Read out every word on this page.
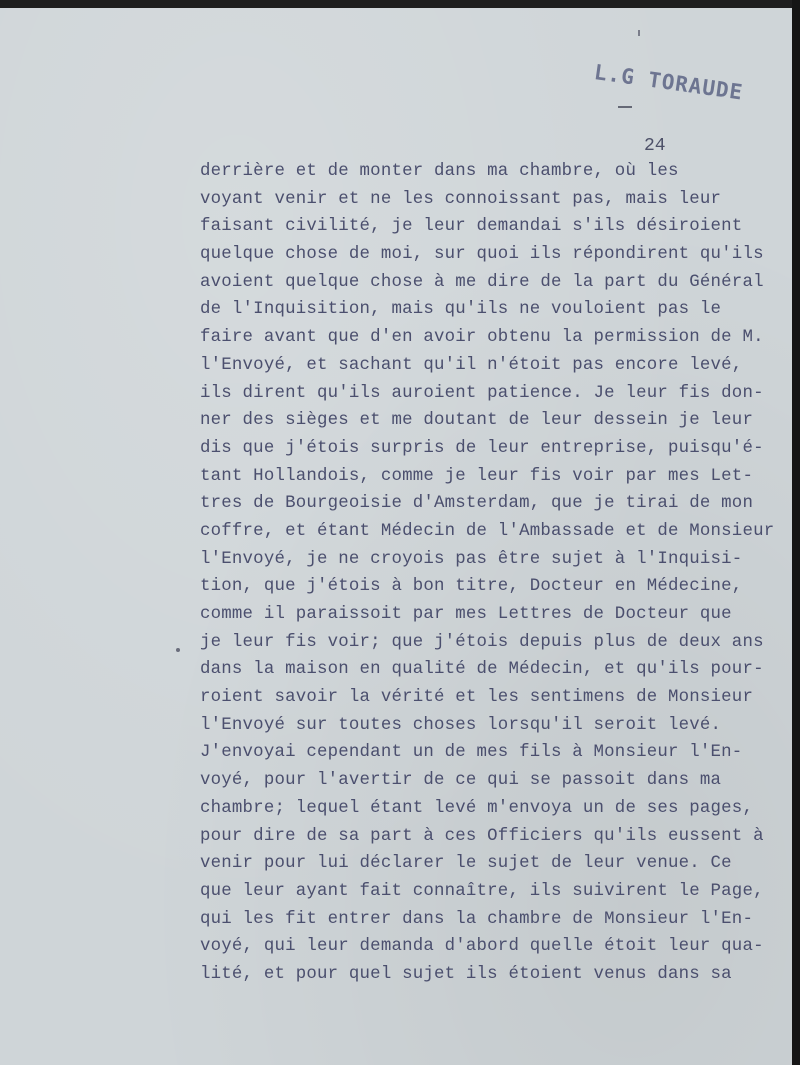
L.G TORAUDE
24
derrière et de monter dans ma chambre, où les
voyant venir et ne les connoissant pas, mais leur
faisant civilité, je leur demandai s'ils désiroient
quelque chose de moi, sur quoi ils répondirent qu'ils
avoient quelque chose à me dire de la part du Général
de l'Inquisition, mais qu'ils ne vouloient pas le
faire avant que d'en avoir obtenu la permission de M.
l'Envoyé, et sachant qu'il n'étoit pas encore levé,
ils dirent qu'ils auroient patience. Je leur fis don-
ner des sièges et me doutant de leur dessein je leur
dis que j'étois surpris de leur entreprise, puisqu'é-
tant Hollandois, comme je leur fis voir par mes Let-
tres de Bourgeoisie d'Amsterdam, que je tirai de mon
coffre, et étant Médecin de l'Ambassade et de Monsieur
l'Envoyé, je ne croyois pas être sujet à l'Inquisi-
tion, que j'étois à bon titre, Docteur en Médecine,
comme il paraissoit par mes Lettres de Docteur que
je leur fis voir; que j'étois depuis plus de deux ans
dans la maison en qualité de Médecin, et qu'ils pour-
roient savoir la vérité et les sentimens de Monsieur
l'Envoyé sur toutes choses lorsqu'il seroit levé.
J'envoyai cependant un de mes fils à Monsieur l'En-
voyé, pour l'avertir de ce qui se passoit dans ma
chambre; lequel étant levé m'envoya un de ses pages,
pour dire de sa part à ces Officiers qu'ils eussent à
venir pour lui déclarer le sujet de leur venue. Ce
que leur ayant fait connaître, ils suivirent le Page,
qui les fit entrer dans la chambre de Monsieur l'En-
voyé, qui leur demanda d'abord quelle étoit leur qua-
lité, et pour quel sujet ils étoient venus dans sa
